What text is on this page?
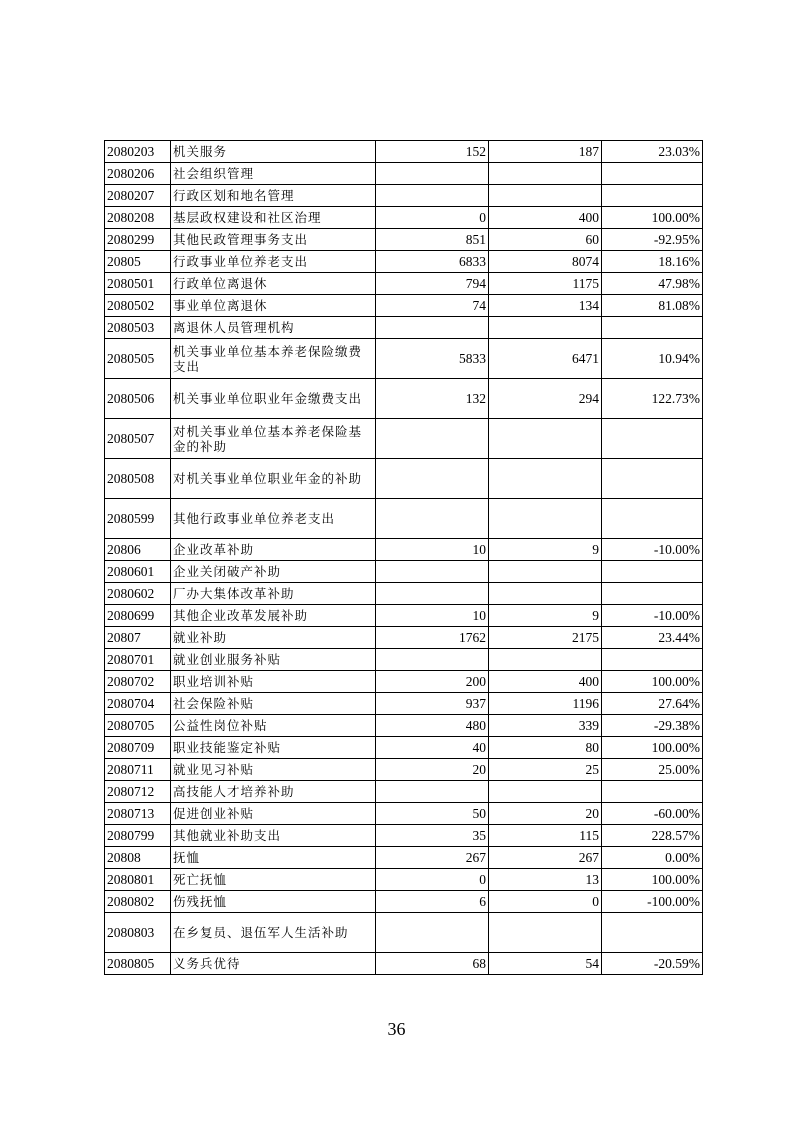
2080203	机关服务	152	187	23.03%
2080206	社会组织管理			
2080207	行政区划和地名管理			
2080208	基层政权建设和社区治理	0	400	100.00%
2080299	其他民政管理事务支出	851	60	-92.95%
20805	行政事业单位养老支出	6833	8074	18.16%
2080501	行政单位离退休	794	1175	47.98%
2080502	事业单位离退休	74	134	81.08%
2080503	离退休人员管理机构			
2080505	机关事业单位基本养老保险缴费支出	5833	6471	10.94%
2080506	机关事业单位职业年金缴费支出	132	294	122.73%
2080507	对机关事业单位基本养老保险基金的补助			
2080508	对机关事业单位职业年金的补助			
2080599	其他行政事业单位养老支出			
20806	企业改革补助	10	9	-10.00%
2080601	企业关闭破产补助			
2080602	厂办大集体改革补助			
2080699	其他企业改革发展补助	10	9	-10.00%
20807	就业补助	1762	2175	23.44%
2080701	就业创业服务补贴			
2080702	职业培训补贴	200	400	100.00%
2080704	社会保险补贴	937	1196	27.64%
2080705	公益性岗位补贴	480	339	-29.38%
2080709	职业技能鉴定补贴	40	80	100.00%
2080711	就业见习补贴	20	25	25.00%
2080712	高技能人才培养补助			
2080713	促进创业补贴	50	20	-60.00%
2080799	其他就业补助支出	35	115	228.57%
20808	抚恤	267	267	0.00%
2080801	死亡抚恤	0	13	100.00%
2080802	伤残抚恤	6	0	-100.00%
2080803	在乡复员、退伍军人生活补助			
2080805	义务兵优待	68	54	-20.59%
36
